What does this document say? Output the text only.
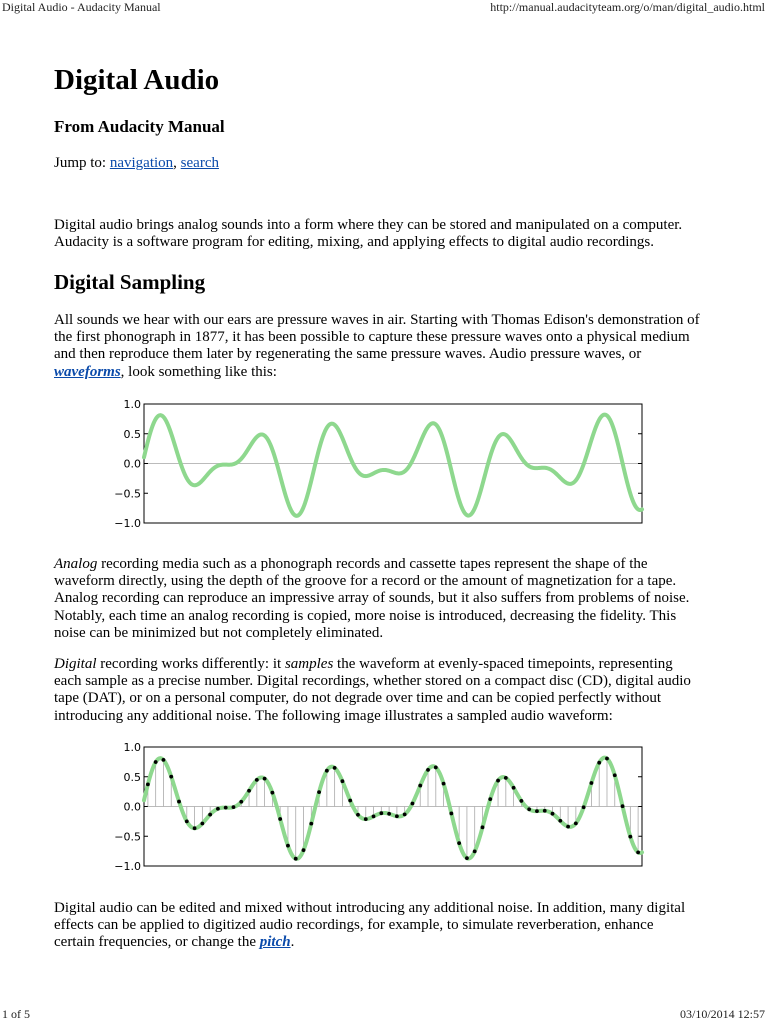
Digital Audio - Audacity Manual	http://manual.audacityteam.org/o/man/digital_audio.html
Digital Audio
From Audacity Manual
Jump to: navigation, search

Digital audio brings analog sounds into a form where they can be stored and manipulated on a computer.
Audacity is a software program for editing, mixing, and applying effects to digital audio recordings.

Digital Sampling

All sounds we hear with our ears are pressure waves in air. Starting with Thomas Edison's demonstration of
the first phonograph in 1877, it has been possible to capture these pressure waves onto a physical medium
and then reproduce them later by regenerating the same pressure waves. Audio pressure waves, or
waveforms, look something like this:

Analog recording media such as a phonograph records and cassette tapes represent the shape of the
waveform directly, using the depth of the groove for a record or the amount of magnetization for a tape.
Analog recording can reproduce an impressive array of sounds, but it also suffers from problems of noise.
Notably, each time an analog recording is copied, more noise is introduced, decreasing the fidelity. This
noise can be minimized but not completely eliminated.

Digital recording works differently: it samples the waveform at evenly-spaced timepoints, representing
each sample as a precise number. Digital recordings, whether stored on a compact disc (CD), digital audio
tape (DAT), or on a personal computer, do not degrade over time and can be copied perfectly without
introducing any additional noise. The following image illustrates a sampled audio waveform:

Digital audio can be edited and mixed without introducing any additional noise. In addition, many digital
effects can be applied to digitized audio recordings, for example, to simulate reverberation, enhance
certain frequencies, or change the pitch.

1.0
0.5
0.0
−0.5
−1.0
1.0
0.5
0.0
−0.5
−1.0
1 of 5	03/10/2014 12:57
